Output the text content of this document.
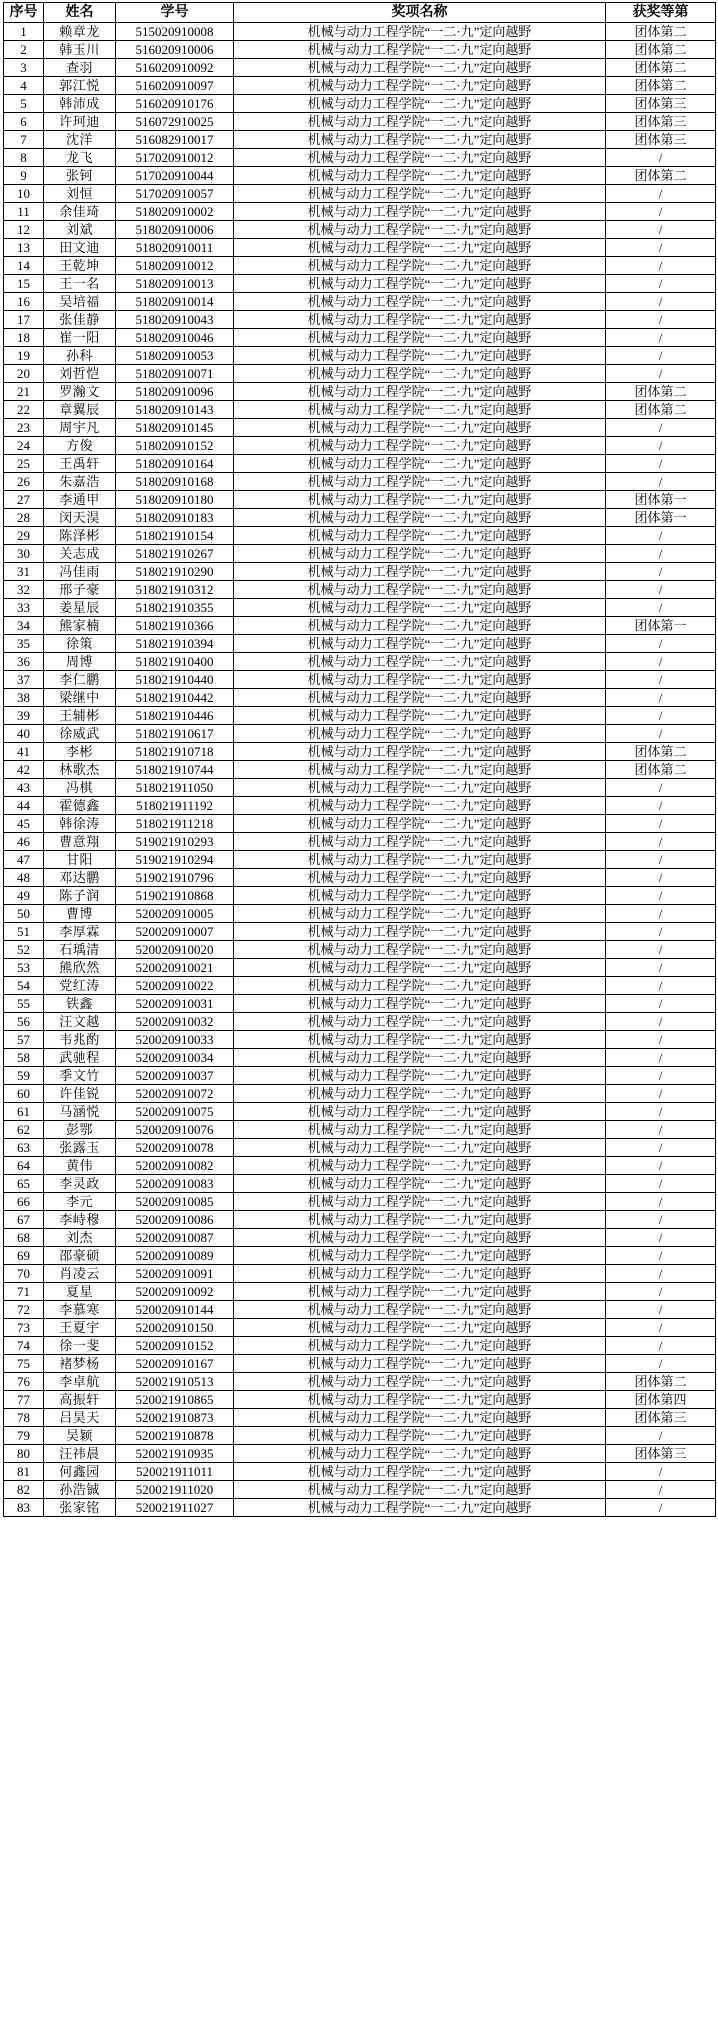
序号	姓名	学号	奖项名称	获奖等第
1	赖章龙	515020910008	机械与动力工程学院“一二·九”定向越野	团体第二
2	韩玉川	516020910006	机械与动力工程学院“一二·九”定向越野	团体第二
3	查羽	516020910092	机械与动力工程学院“一二·九”定向越野	团体第二
4	郭江悦	516020910097	机械与动力工程学院“一二·九”定向越野	团体第二
5	韩沛成	516020910176	机械与动力工程学院“一二·九”定向越野	团体第三
6	许珂迪	516072910025	机械与动力工程学院“一二·九”定向越野	团体第三
7	沈洋	516082910017	机械与动力工程学院“一二·九”定向越野	团体第三
8	龙飞	517020910012	机械与动力工程学院“一二·九”定向越野	/
9	张钶	517020910044	机械与动力工程学院“一二·九”定向越野	团体第二
10	刘恒	517020910057	机械与动力工程学院“一二·九”定向越野	/
11	余佳琦	518020910002	机械与动力工程学院“一二·九”定向越野	/
12	刘斌	518020910006	机械与动力工程学院“一二·九”定向越野	/
13	田文迪	518020910011	机械与动力工程学院“一二·九”定向越野	/
14	王乾坤	518020910012	机械与动力工程学院“一二·九”定向越野	/
15	王一名	518020910013	机械与动力工程学院“一二·九”定向越野	/
16	吴培福	518020910014	机械与动力工程学院“一二·九”定向越野	/
17	张佳静	518020910043	机械与动力工程学院“一二·九”定向越野	/
18	崔一阳	518020910046	机械与动力工程学院“一二·九”定向越野	/
19	孙科	518020910053	机械与动力工程学院“一二·九”定向越野	/
20	刘哲恺	518020910071	机械与动力工程学院“一二·九”定向越野	/
21	罗瀚文	518020910096	机械与动力工程学院“一二·九”定向越野	团体第二
22	章翼辰	518020910143	机械与动力工程学院“一二·九”定向越野	团体第二
23	周宇凡	518020910145	机械与动力工程学院“一二·九”定向越野	/
24	方俊	518020910152	机械与动力工程学院“一二·九”定向越野	/
25	王禹轩	518020910164	机械与动力工程学院“一二·九”定向越野	/
26	朱嘉浩	518020910168	机械与动力工程学院“一二·九”定向越野	/
27	李通甲	518020910180	机械与动力工程学院“一二·九”定向越野	团体第一
28	闵天淏	518020910183	机械与动力工程学院“一二·九”定向越野	团体第一
29	陈泽彬	518021910154	机械与动力工程学院“一二·九”定向越野	/
30	关志成	518021910267	机械与动力工程学院“一二·九”定向越野	/
31	冯佳雨	518021910290	机械与动力工程学院“一二·九”定向越野	/
32	邢子豪	518021910312	机械与动力工程学院“一二·九”定向越野	/
33	姜星辰	518021910355	机械与动力工程学院“一二·九”定向越野	/
34	熊家楠	518021910366	机械与动力工程学院“一二·九”定向越野	团体第一
35	徐策	518021910394	机械与动力工程学院“一二·九”定向越野	/
36	周博	518021910400	机械与动力工程学院“一二·九”定向越野	/
37	李仁鹏	518021910440	机械与动力工程学院“一二·九”定向越野	/
38	梁继中	518021910442	机械与动力工程学院“一二·九”定向越野	/
39	王辅彬	518021910446	机械与动力工程学院“一二·九”定向越野	/
40	徐威武	518021910617	机械与动力工程学院“一二·九”定向越野	/
41	李彬	518021910718	机械与动力工程学院“一二·九”定向越野	团体第二
42	林歌杰	518021910744	机械与动力工程学院“一二·九”定向越野	团体第二
43	冯棋	518021911050	机械与动力工程学院“一二·九”定向越野	/
44	霍德鑫	518021911192	机械与动力工程学院“一二·九”定向越野	/
45	韩徐涛	518021911218	机械与动力工程学院“一二·九”定向越野	/
46	曹意翔	519021910293	机械与动力工程学院“一二·九”定向越野	/
47	甘阳	519021910294	机械与动力工程学院“一二·九”定向越野	/
48	邓达鹏	519021910796	机械与动力工程学院“一二·九”定向越野	/
49	陈子润	519021910868	机械与动力工程学院“一二·九”定向越野	/
50	曹博	520020910005	机械与动力工程学院“一二·九”定向越野	/
51	李厚霖	520020910007	机械与动力工程学院“一二·九”定向越野	/
52	石瑀清	520020910020	机械与动力工程学院“一二·九”定向越野	/
53	熊欣然	520020910021	机械与动力工程学院“一二·九”定向越野	/
54	党红涛	520020910022	机械与动力工程学院“一二·九”定向越野	/
55	铁鑫	520020910031	机械与动力工程学院“一二·九”定向越野	/
56	汪文越	520020910032	机械与动力工程学院“一二·九”定向越野	/
57	韦兆酌	520020910033	机械与动力工程学院“一二·九”定向越野	/
58	武驰程	520020910034	机械与动力工程学院“一二·九”定向越野	/
59	季文竹	520020910037	机械与动力工程学院“一二·九”定向越野	/
60	许佳锐	520020910072	机械与动力工程学院“一二·九”定向越野	/
61	马涵悦	520020910075	机械与动力工程学院“一二·九”定向越野	/
62	彭鄂	520020910076	机械与动力工程学院“一二·九”定向越野	/
63	张露玉	520020910078	机械与动力工程学院“一二·九”定向越野	/
64	黄伟	520020910082	机械与动力工程学院“一二·九”定向越野	/
65	李灵政	520020910083	机械与动力工程学院“一二·九”定向越野	/
66	李元	520020910085	机械与动力工程学院“一二·九”定向越野	/
67	李峙穆	520020910086	机械与动力工程学院“一二·九”定向越野	/
68	刘杰	520020910087	机械与动力工程学院“一二·九”定向越野	/
69	邵豪硕	520020910089	机械与动力工程学院“一二·九”定向越野	/
70	肖凌云	520020910091	机械与动力工程学院“一二·九”定向越野	/
71	夏星	520020910092	机械与动力工程学院“一二·九”定向越野	/
72	李慕寒	520020910144	机械与动力工程学院“一二·九”定向越野	/
73	王夏宇	520020910150	机械与动力工程学院“一二·九”定向越野	/
74	徐一斐	520020910152	机械与动力工程学院“一二·九”定向越野	/
75	褚梦杨	520020910167	机械与动力工程学院“一二·九”定向越野	/
76	李卓航	520021910513	机械与动力工程学院“一二·九”定向越野	团体第二
77	高振轩	520021910865	机械与动力工程学院“一二·九”定向越野	团体第四
78	吕昊天	520021910873	机械与动力工程学院“一二·九”定向越野	团体第三
79	吴颖	520021910878	机械与动力工程学院“一二·九”定向越野	/
80	汪祎晨	520021910935	机械与动力工程学院“一二·九”定向越野	团体第三
81	何鑫园	520021911011	机械与动力工程学院“一二·九”定向越野	/
82	孙浩铖	520021911020	机械与动力工程学院“一二·九”定向越野	/
83	张家铭	520021911027	机械与动力工程学院“一二·九”定向越野	/
